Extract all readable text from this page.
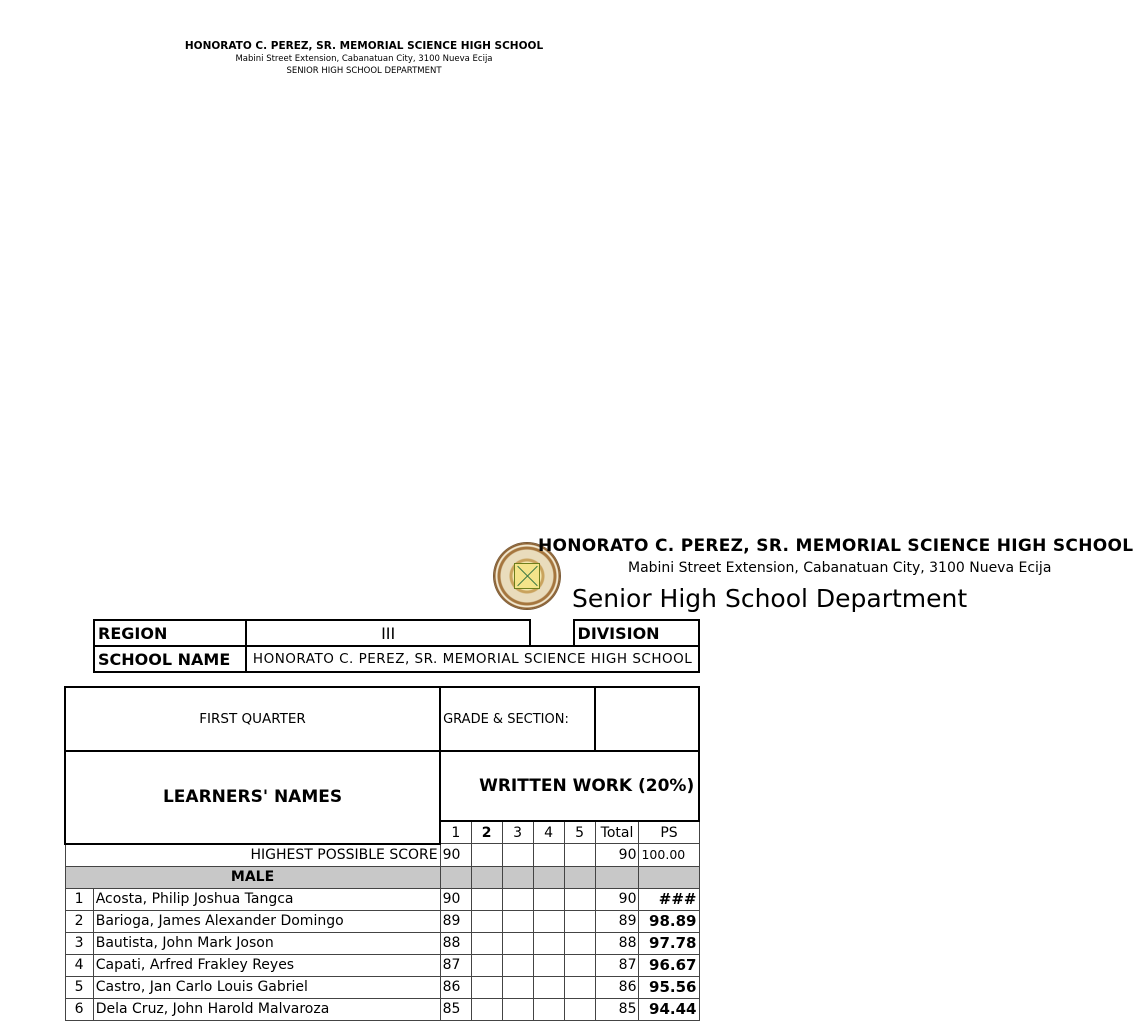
HONORATO C. PEREZ, SR. MEMORIAL SCIENCE HIGH SCHOOL
Mabini Street Extension, Cabanatuan City, 3100 Nueva Ecija
SENIOR HIGH SCHOOL DEPARTMENT
HONORATO C. PEREZ, SR. MEMORIAL SCIENCE HIGH SCHOOL
Mabini Street Extension, Cabanatuan City, 3100 Nueva Ecija
Senior High School Department
REGION	III		DIVISION
SCHOOL NAME	HONORATO C. PEREZ, SR. MEMORIAL SCIENCE HIGH SCHOOL		
FIRST QUARTER		GRADE & SECTION:						
LEARNERS' NAMES		WRITTEN WORK (20%)						
		1	2	3	4	5	Total	PS
HIGHEST POSSIBLE SCORE		90					90	100.00
MALE								
1	Acosta, Philip Joshua Tangca	90					90	###
2	Barioga, James Alexander Domingo	89					89	98.89
3	Bautista, John Mark Joson	88					88	97.78
4	Capati, Arfred Frakley Reyes	87					87	96.67
5	Castro, Jan Carlo Louis Gabriel	86					86	95.56
6	Dela Cruz, John Harold Malvaroza	85					85	94.44
